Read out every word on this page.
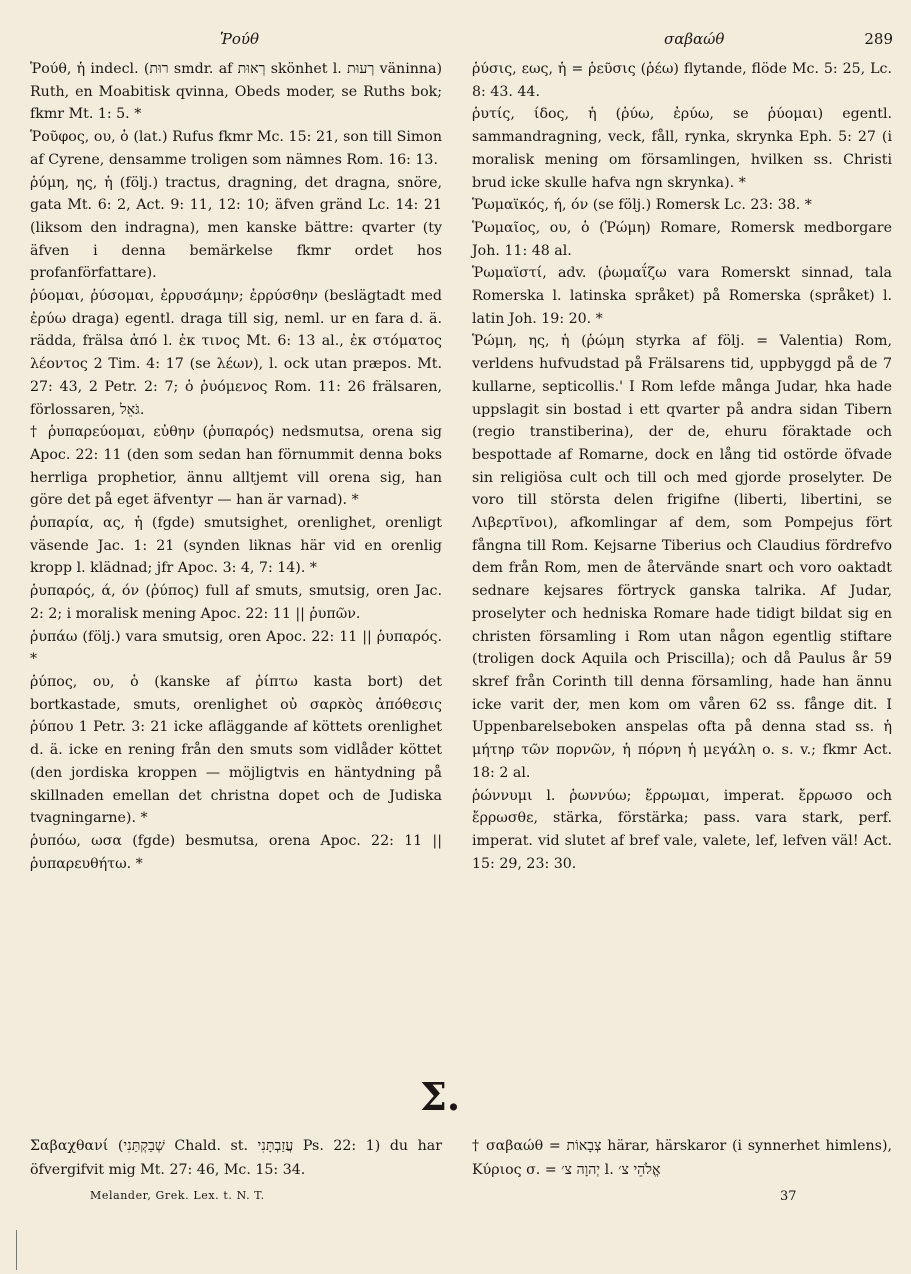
Ῥούθ	σαβαώθ	289

Ῥούθ, ἡ indecl. (רוּת smdr. af רְאוּת skönhet l. רְעוּת väninna) Ruth, en Moabitisk qvinna, Obeds moder, se Ruths bok; fkmr Mt. 1: 5. *

Ῥοῦφος, ου, ὁ (lat.) Rufus fkmr Mc. 15: 21, son till Simon af Cyrene, densamme troligen som nämnes Rom. 16: 13.

ῥύμη, ης, ἡ (följ.) tractus, dragning, det dragna, snöre, gata Mt. 6: 2, Act. 9: 11, 12: 10; äfven gränd Lc. 14: 21 (liksom den indragna), men kanske bättre: qvarter (ty äfven i denna bemärkelse fkmr ordet hos profanförfattare).

ῥύομαι, ῥύσομαι, ἐρρυσάμην; ἐρρύσθην (beslägtadt med ἐρύω draga) egentl. draga till sig, neml. ur en fara d. ä. rädda, frälsa ἀπό l. ἐκ τινος Mt. 6: 13 al., ἐκ στόματος λέοντος 2 Tim. 4: 17 (se λέων), l. ock utan præpos. Mt. 27: 43, 2 Petr. 2: 7; ὁ ῥυόμενος Rom. 11: 26 frälsaren, förlossaren, גֹּאֵל.

† ῥυπαρεύομαι, εὐθην (ῥυπαρός) nedsmutsa, orena sig Apoc. 22: 11 (den som sedan han förnummit denna boks herrliga prophetior, ännu alltjemt vill orena sig, han göre det på eget äfventyr — han är varnad). *

ῥυπαρία, ας, ἡ (fgde) smutsighet, orenlighet, orenligt väsende Jac. 1: 21 (synden liknas här vid en orenlig kropp l. klädnad; jfr Apoc. 3: 4, 7: 14). *

ῥυπαρός, ά, όν (ῥύπος) full af smuts, smutsig, oren Jac. 2: 2; i moralisk mening Apoc. 22: 11 || ῥυπῶν.

ῥυπάω (följ.) vara smutsig, oren Apoc. 22: 11 || ῥυπαρός. *

ῥύπος, ου, ὁ (kanske af ῥίπτω kasta bort) det bortkastade, smuts, orenlighet οὐ σαρκὸς ἀπόθεσις ῥύπου 1 Petr. 3: 21 icke afläggande af köttets orenlighet d. ä. icke en rening från den smuts som vidlåder köttet (den jordiska kroppen — möjligtvis en häntydning på skillnaden emellan det christna dopet och de Judiska tvagningarne). *

ῥυπόω, ωσα (fgde) besmutsa, orena Apoc. 22: 11 || ῥυπαρευθήτω. *

ῥύσις, εως, ἡ = ῥεῦσις (ῥέω) flytande, flöde Mc. 5: 25, Lc. 8: 43. 44.

ῥυτίς, ίδος, ἡ (ῥύω, ἐρύω, se ῥύομαι) egentl. sammandragning, veck, fåll, rynka, skrynka Eph. 5: 27 (i moralisk mening om församlingen, hvilken ss. Christi brud icke skulle hafva ngn skrynka). *

Ῥωμαϊκός, ή, όν (se följ.) Romersk Lc. 23: 38. *

Ῥωμαῖος, ου, ὁ (Ῥώμη) Romare, Romersk medborgare Joh. 11: 48 al.

Ῥωμαϊστί, adv. (ῥωμαΐζω vara Romerskt sinnad, tala Romerska l. latinska språket) på Romerska (språket) l. latin Joh. 19: 20. *

Ῥώμη, ης, ἡ (ῥώμη styrka af följ. = Valentia) Rom, verldens hufvudstad på Frälsarens tid, uppbyggd på de 7 kullarne, septicollis.' I Rom lefde många Judar, hka hade uppslagit sin bostad i ett qvarter på andra sidan Tibern (regio transtiberina), der de, ehuru föraktade och bespottade af Romarne, dock en lång tid ostörde öfvade sin religiösa cult och till och med gjorde proselyter. De voro till största delen frigifne (liberti, libertini, se Λιβερτῖνοι), afkomlingar af dem, som Pompejus fört fångna till Rom. Kejsarne Tiberius och Claudius fördrefvo dem från Rom, men de återvände snart och voro oaktadt sednare kejsares förtryck ganska talrika. Af Judar, proselyter och hedniska Romare hade tidigt bildat sig en christen församling i Rom utan någon egentlig stiftare (troligen dock Aquila och Priscilla); och då Paulus år 59 skref från Corinth till denna församling, hade han ännu icke varit der, men kom om våren 62 ss. fånge dit. I Uppenbarelseboken anspelas ofta på denna stad ss. ἡ μήτηρ τῶν πορνῶν, ἡ πόρνη ἡ μεγάλη o. s. v.; fkmr Act. 18: 2 al.

ῥώννυμι l. ῥωννύω; ἔρρωμαι, imperat. ἔρρωσο och ἔρρωσθε, stärka, förstärka; pass. vara stark, perf. imperat. vid slutet af bref vale, valete, lef, lefven väl! Act. 15: 29, 23: 30.

Σ.
Σαβαχθανί (שְׁבַקְתַּנִי Chald. st. עֲזַבְתָּנִי Ps. 22: 1) du har öfvergifvit mig Mt. 27: 46, Mc. 15: 34.
† σαβαώθ = צְבָאוֹת härar, härskaror (i synnerhet himlens), Κύριος σ. = יְהוָה צ׳ l. אֱלֹהֵי צ׳
Melander, Grek. Lex. t. N. T.	37
